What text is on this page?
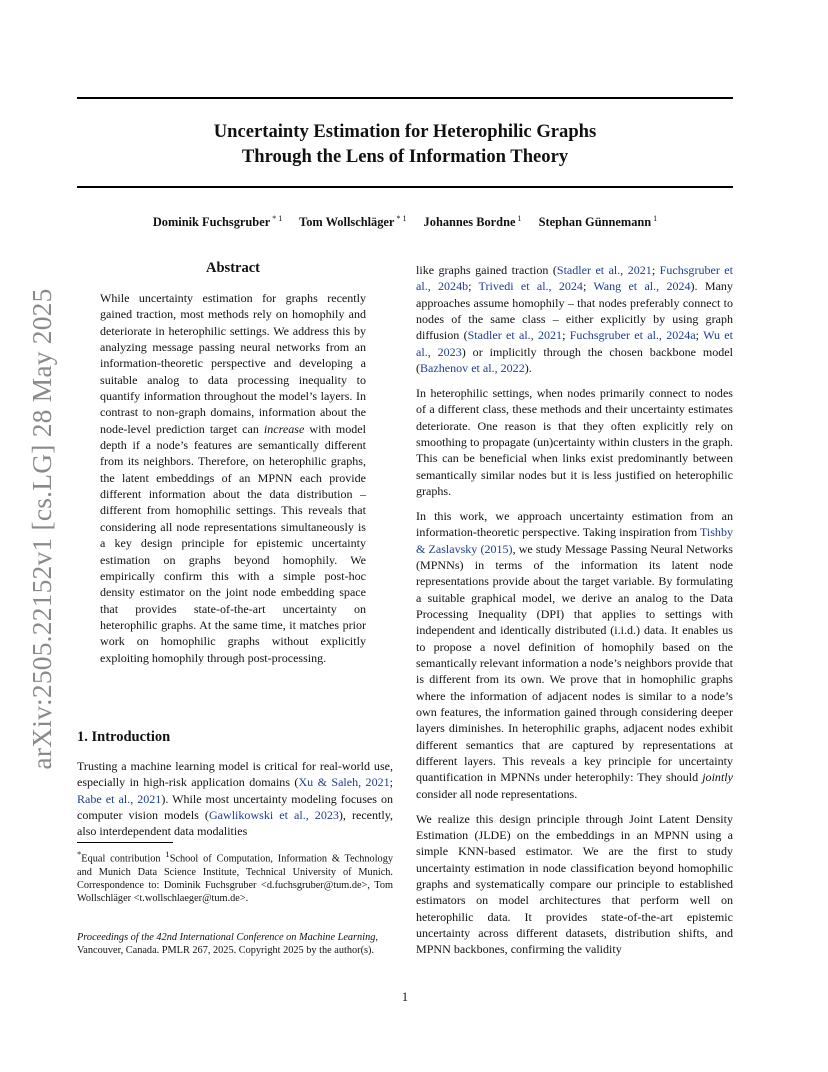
Uncertainty Estimation for Heterophilic Graphs
Through the Lens of Information Theory
Dominik Fuchsgruber $^{* 1}$ Tom Wollschläger $^{* 1}$ Johannes Bordne $^1$ Stephan Günnemann $^1$
arXiv:2505.22152v1 [cs.LG] 28 May 2025
Abstract
While uncertainty estimation for graphs recently gained traction, most methods rely on homophily and deteriorate in heterophilic settings. We address this by analyzing message passing neural networks from an information-theoretic perspective and developing a suitable analog to data processing inequality to quantify information throughout the model’s layers. In contrast to non-graph domains, information about the node-level prediction target can increase with model depth if a node’s features are semantically different from its neighbors. Therefore, on heterophilic graphs, the latent embeddings of an MPNN each provide different information about the data distribution – different from homophilic settings. This reveals that considering all node representations simultaneously is a key design principle for epistemic uncertainty estimation on graphs beyond homophily. We empirically confirm this with a simple post-hoc density estimator on the joint node embedding space that provides state-of-the-art uncertainty on heterophilic graphs. At the same time, it matches prior work on homophilic graphs without explicitly exploiting homophily through post-processing.
1. Introduction
Trusting a machine learning model is critical for real-world use, especially in high-risk application domains (Xu & Saleh, 2021; Rabe et al., 2021). While most uncertainty modeling focuses on computer vision models (Gawlikowski et al., 2023), recently, also interdependent data modalities
*Equal contribution $^1$School of Computation, Information & Technology and Munich Data Science Institute, Technical University of Munich. Correspondence to: Dominik Fuchsgruber <d.fuchsgruber@tum.de>, Tom Wollschläger <t.wollschlaeger@tum.de>.
Proceedings of the 42nd International Conference on Machine Learning, Vancouver, Canada. PMLR 267, 2025. Copyright 2025 by the author(s).

like graphs gained traction (Stadler et al., 2021; Fuchsgruber et al., 2024b; Trivedi et al., 2024; Wang et al., 2024). Many approaches assume homophily – that nodes preferably connect to nodes of the same class – either explicitly by using graph diffusion (Stadler et al., 2021; Fuchsgruber et al., 2024a; Wu et al., 2023) or implicitly through the chosen backbone model (Bazhenov et al., 2022).

In heterophilic settings, when nodes primarily connect to nodes of a different class, these methods and their uncertainty estimates deteriorate. One reason is that they often explicitly rely on smoothing to propagate (un)certainty within clusters in the graph. This can be beneficial when links exist predominantly between semantically similar nodes but it is less justified on heterophilic graphs.

In this work, we approach uncertainty estimation from an information-theoretic perspective. Taking inspiration from Tishby & Zaslavsky (2015), we study Message Passing Neural Networks (MPNNs) in terms of the information its latent node representations provide about the target variable. By formulating a suitable graphical model, we derive an analog to the Data Processing Inequality (DPI) that applies to settings with independent and identically distributed (i.i.d.) data. It enables us to propose a novel definition of homophily based on the semantically relevant information a node’s neighbors provide that is different from its own. We prove that in homophilic graphs where the information of adjacent nodes is similar to a node’s own features, the information gained through considering deeper layers diminishes. In heterophilic graphs, adjacent nodes exhibit different semantics that are captured by representations at different layers. This reveals a key principle for uncertainty quantification in MPNNs under heterophily: They should jointly consider all node representations.

We realize this design principle through Joint Latent Density Estimation (JLDE) on the embeddings in an MPNN using a simple KNN-based estimator. We are the first to study uncertainty estimation in node classification beyond homophilic graphs and systematically compare our principle to established estimators on model architectures that perform well on heterophilic data. It provides state-of-the-art epistemic uncertainty across different datasets, distribution shifts, and MPNN backbones, confirming the validity

1
